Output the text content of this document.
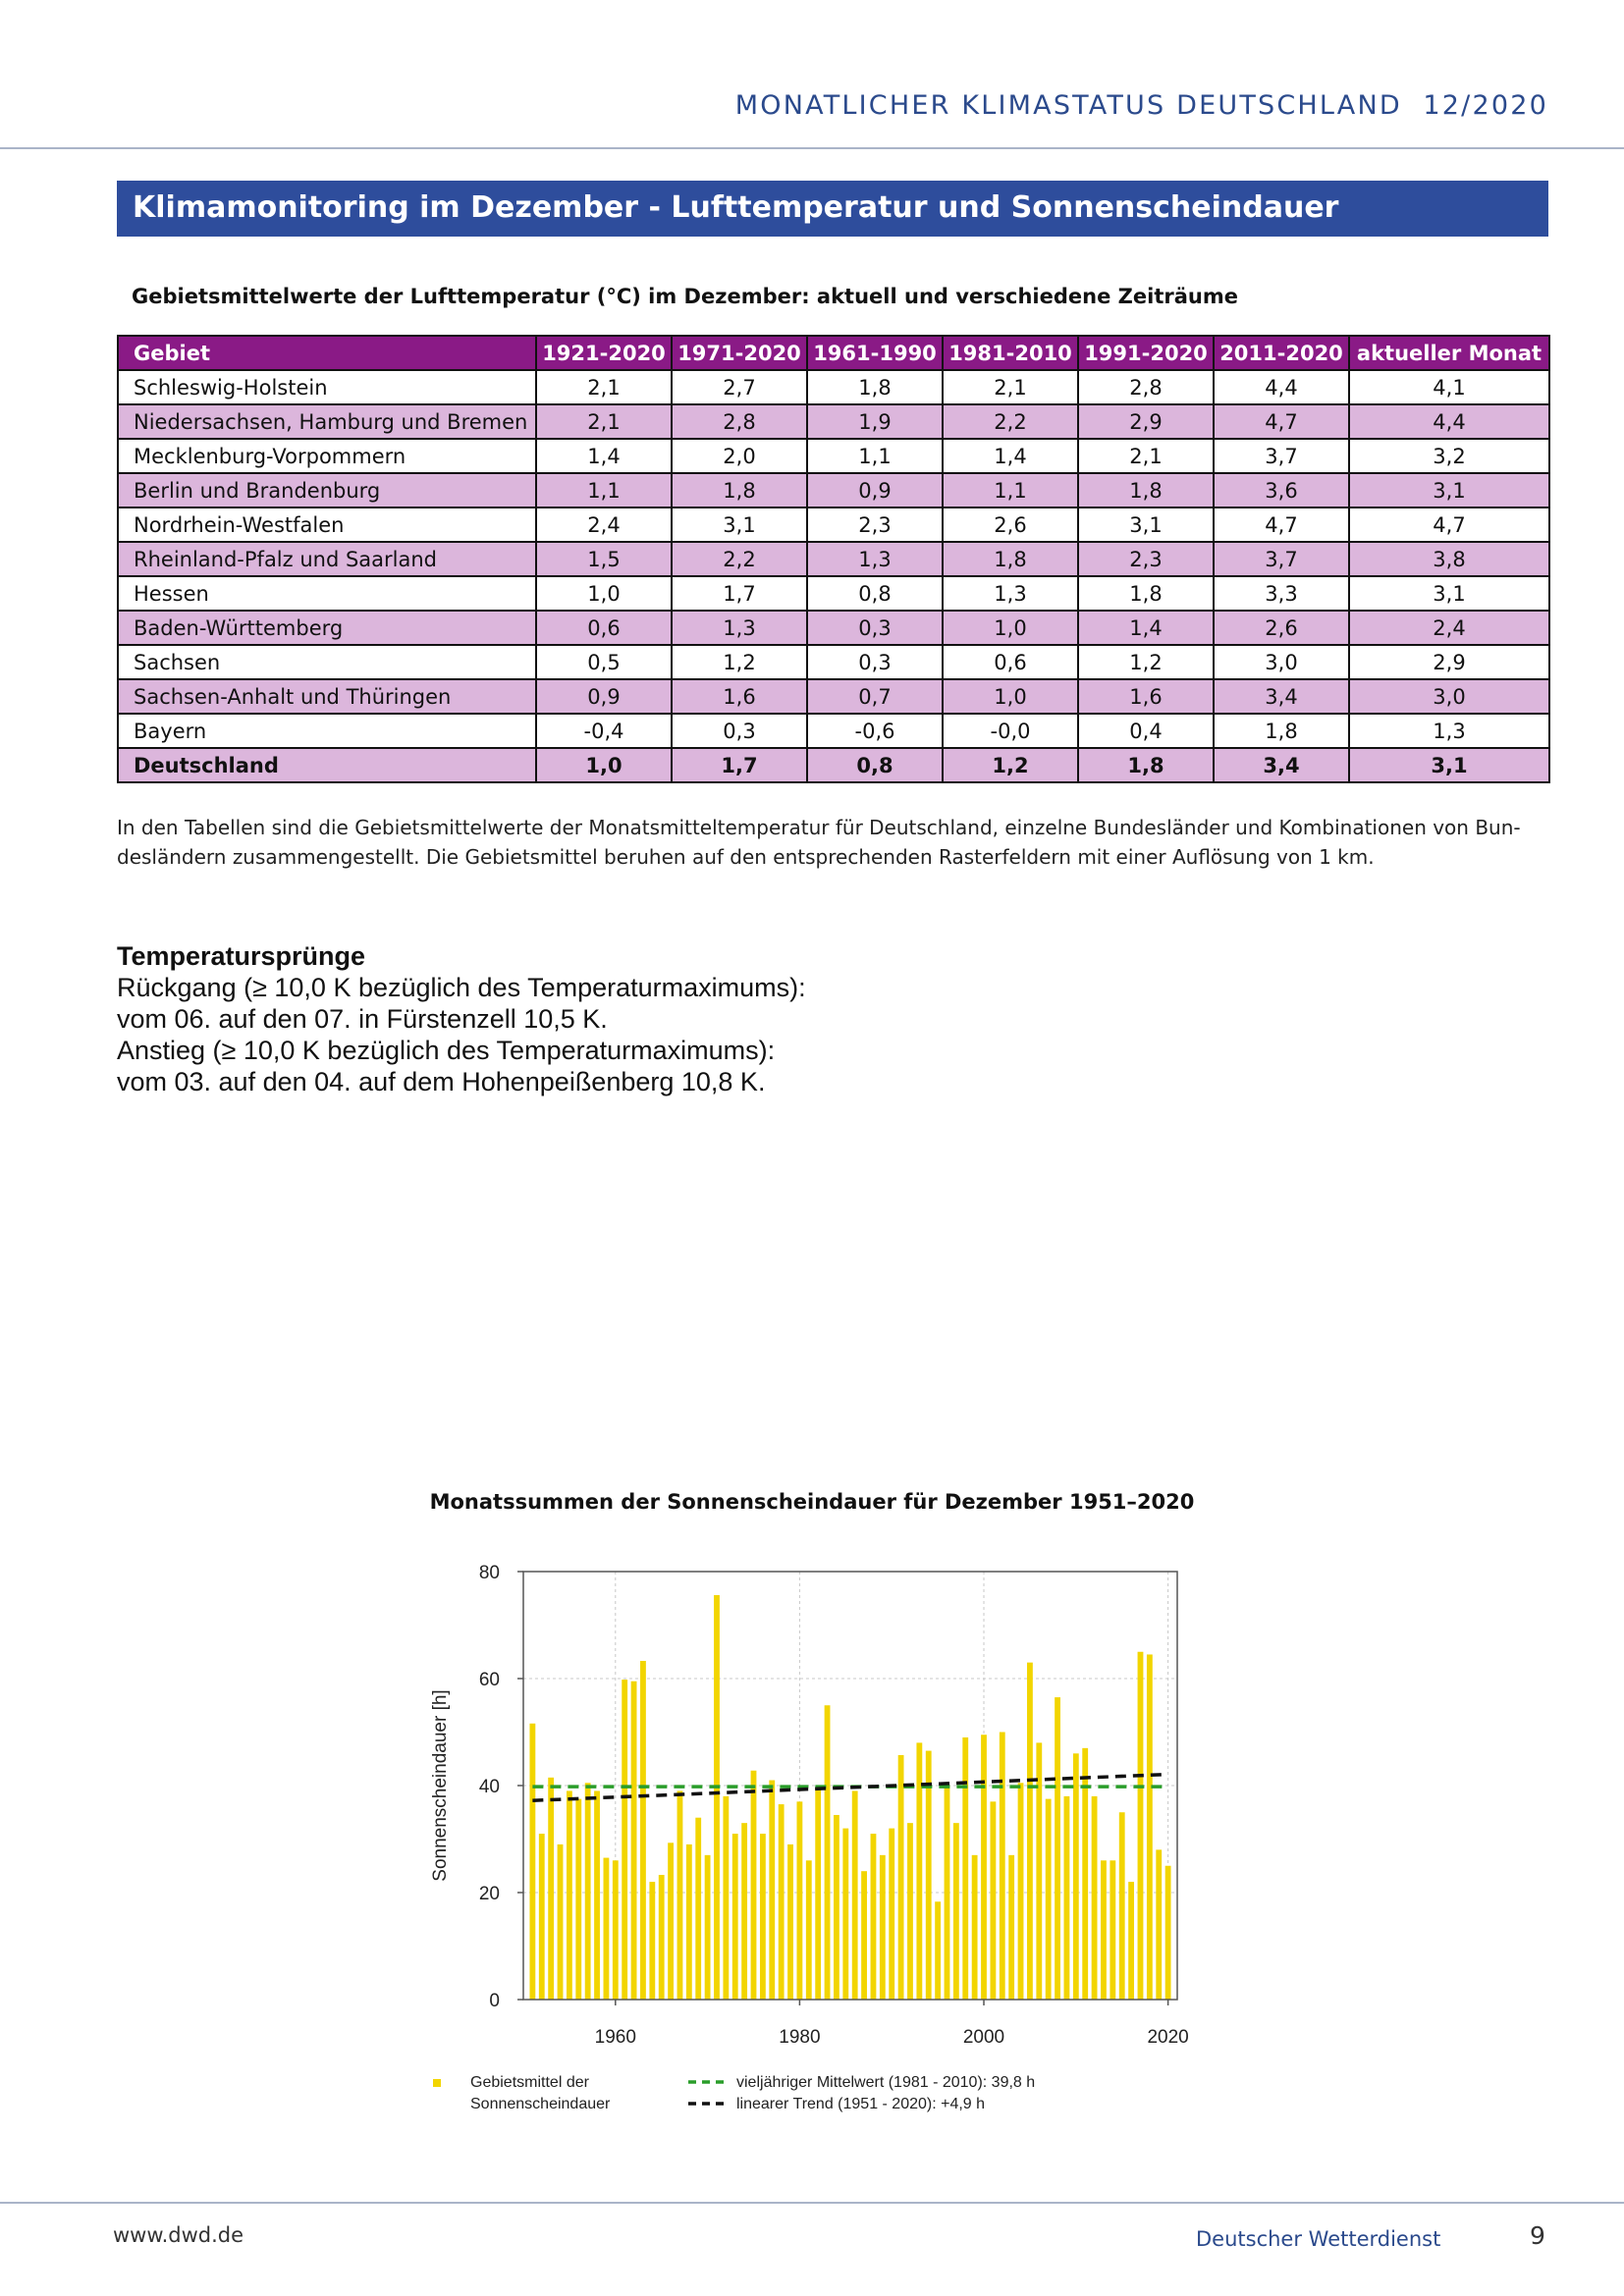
MONATLICHER KLIMASTATUS DEUTSCHLAND 12/2020
Klimamonitoring im Dezember - Lufttemperatur und Sonnenscheindauer
Gebietsmittelwerte der Lufttemperatur (°C) im Dezember: aktuell und verschiedene Zeiträume
Gebiet	1921-2020	1971-2020	1961-1990	1981-2010	1991-2020	2011-2020	aktueller Monat
Schleswig-Holstein	2,1	2,7	1,8	2,1	2,8	4,4	4,1
Niedersachsen, Hamburg und Bremen	2,1	2,8	1,9	2,2	2,9	4,7	4,4
Mecklenburg-Vorpommern	1,4	2,0	1,1	1,4	2,1	3,7	3,2
Berlin und Brandenburg	1,1	1,8	0,9	1,1	1,8	3,6	3,1
Nordrhein-Westfalen	2,4	3,1	2,3	2,6	3,1	4,7	4,7
Rheinland-Pfalz und Saarland	1,5	2,2	1,3	1,8	2,3	3,7	3,8
Hessen	1,0	1,7	0,8	1,3	1,8	3,3	3,1
Baden-Württemberg	0,6	1,3	0,3	1,0	1,4	2,6	2,4
Sachsen	0,5	1,2	0,3	0,6	1,2	3,0	2,9
Sachsen-Anhalt und Thüringen	0,9	1,6	0,7	1,0	1,6	3,4	3,0
Bayern	-0,4	0,3	-0,6	-0,0	0,4	1,8	1,3
Deutschland	1,0	1,7	0,8	1,2	1,8	3,4	3,1

In den Tabellen sind die Gebietsmittelwerte der Monatsmitteltemperatur für Deutschland, einzelne Bundesländer und Kombinationen von Bun-

desländern zusammengestellt. Die Gebietsmittel beruhen auf den entsprechenden Rasterfeldern mit einer Auflösung von 1 km.

Temperatursprünge
Rückgang (≥ 10,0 K bezüglich des Temperaturmaximums):
vom 06. auf den 07. in Fürstenzell 10,5 K.
Anstieg (≥ 10,0 K bezüglich des Temperaturmaximums):
vom 03. auf den 04. auf dem Hohenpeißenberg 10,8 K.
Monatssummen der Sonnenscheindauer für Dezember 1951–2020
0
20
40
60
80
1960	1980	2000	2020
Sonnenscheindauer [h]
Gebietsmittel der
Sonnenscheindauer
vieljähriger Mittelwert (1981 - 2010): 39,8 h
linearer Trend (1951 - 2020): +4,9 h
www.dwd.de	Deutscher Wetterdienst	9
